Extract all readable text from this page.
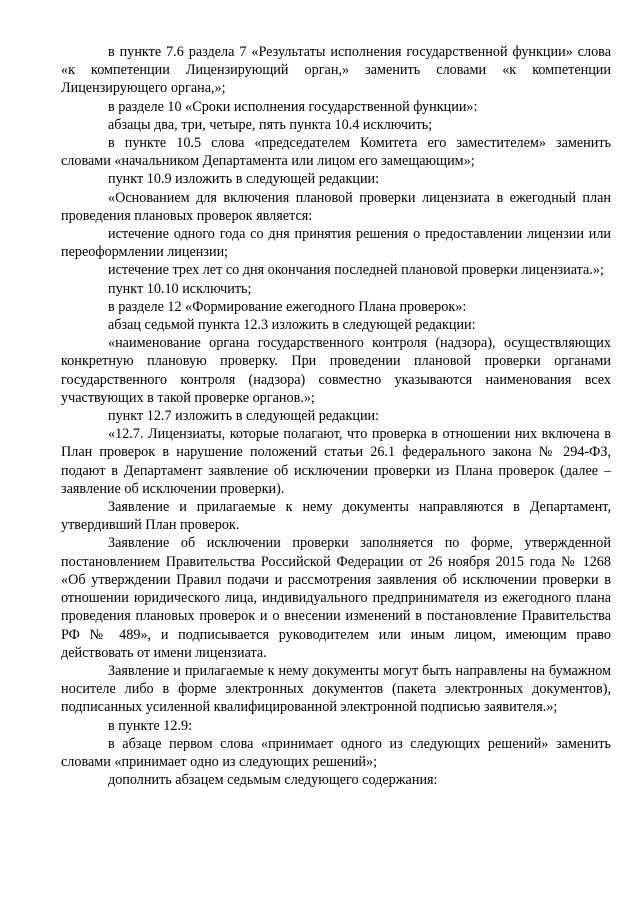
в пункте 7.6 раздела 7 «Результаты исполнения государственной функции» слова «к компетенции Лицензирующий орган,» заменить словами «к компетенции Лицензирующего органа,»;

в разделе 10 «Сроки исполнения государственной функции»:

абзацы два, три, четыре, пять пункта 10.4 исключить;

в пункте 10.5 слова «председателем Комитета его заместителем» заменить словами «начальником Департамента или лицом его замещающим»;

пункт 10.9 изложить в следующей редакции:

«Основанием для включения плановой проверки лицензиата в ежегодный план проведения плановых проверок является:

истечение одного года со дня принятия решения о предоставлении лицензии или переоформлении лицензии;

истечение трех лет со дня окончания последней плановой проверки лицензиата.»;

пункт 10.10 исключить;

в разделе 12 «Формирование ежегодного Плана проверок»:

абзац седьмой пункта 12.3 изложить в следующей редакции:

«наименование органа государственного контроля (надзора), осуществляющих конкретную плановую проверку. При проведении плановой проверки органами государственного контроля (надзора) совместно указываются наименования всех участвующих в такой проверке органов.»;

пункт 12.7 изложить в следующей редакции:

«12.7. Лицензиаты, которые полагают, что проверка в отношении них включена в План проверок в нарушение положений статьи 26.1 федерального закона № 294-ФЗ, подают в Департамент заявление об исключении проверки из Плана проверок (далее – заявление об исключении проверки).

Заявление и прилагаемые к нему документы направляются в Департамент, утвердивший План проверок.

Заявление об исключении проверки заполняется по форме, утвержденной постановлением Правительства Российской Федерации от 26 ноября 2015 года № 1268 «Об утверждении Правил подачи и рассмотрения заявления об исключении проверки в отношении юридического лица, индивидуального предпринимателя из ежегодного плана проведения плановых проверок и о внесении изменений в постановление Правительства РФ № 489», и подписывается руководителем или иным лицом, имеющим право действовать от имени лицензиата.

Заявление и прилагаемые к нему документы могут быть направлены на бумажном носителе либо в форме электронных документов (пакета электронных документов), подписанных усиленной квалифицированной электронной подписью заявителя.»;

в пункте 12.9:

в абзаце первом слова «принимает одного из следующих решений» заменить словами «принимает одно из следующих решений»;

дополнить абзацем седьмым следующего содержания:
